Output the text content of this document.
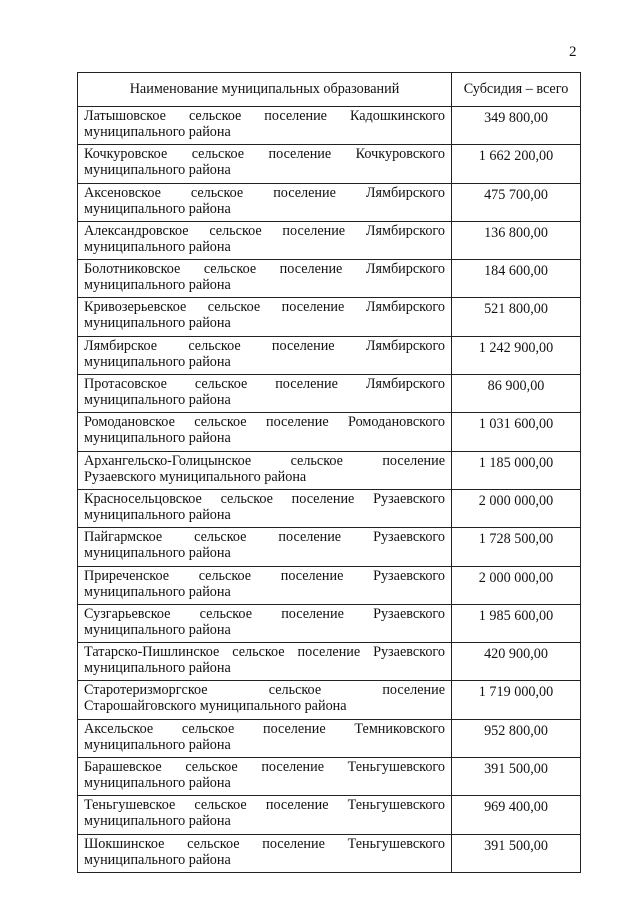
2
Наименование муниципальных образований	Субсидия – всего
Латышовское сельское поселение Кадошкинского муниципального района	349 800,00
Кочкуровское сельское поселение Кочкуровского муниципального района	1 662 200,00
Аксеновское сельское поселение Лямбирского муниципального района	475 700,00
Александровское сельское поселение Лямбирского муниципального района	136 800,00
Болотниковское сельское поселение Лямбирского муниципального района	184 600,00
Кривозерьевское сельское поселение Лямбирского муниципального района	521 800,00
Лямбирское сельское поселение Лямбирского муниципального района	1 242 900,00
Протасовское сельское поселение Лямбирского муниципального района	86 900,00
Ромодановское сельское поселение Ромодановского муниципального района	1 031 600,00
Архангельско-Голицынское сельское поселение Рузаевского муниципального района	1 185 000,00
Красносельцовское сельское поселение Рузаевского муниципального района	2 000 000,00
Пайгармское сельское поселение Рузаевского муниципального района	1 728 500,00
Приреченское сельское поселение Рузаевского муниципального района	2 000 000,00
Сузгарьевское сельское поселение Рузаевского муниципального района	1 985 600,00
Татарско-Пишлинское сельское поселение Рузаевского муниципального района	420 900,00
Старотеризморгское сельское поселение Старошайговского муниципального района	1 719 000,00
Аксельское сельское поселение Темниковского муниципального района	952 800,00
Барашевское сельское поселение Теньгушевского муниципального района	391 500,00
Теньгушевское сельское поселение Теньгушевского муниципального района	969 400,00
Шокшинское сельское поселение Теньгушевского муниципального района	391 500,00
